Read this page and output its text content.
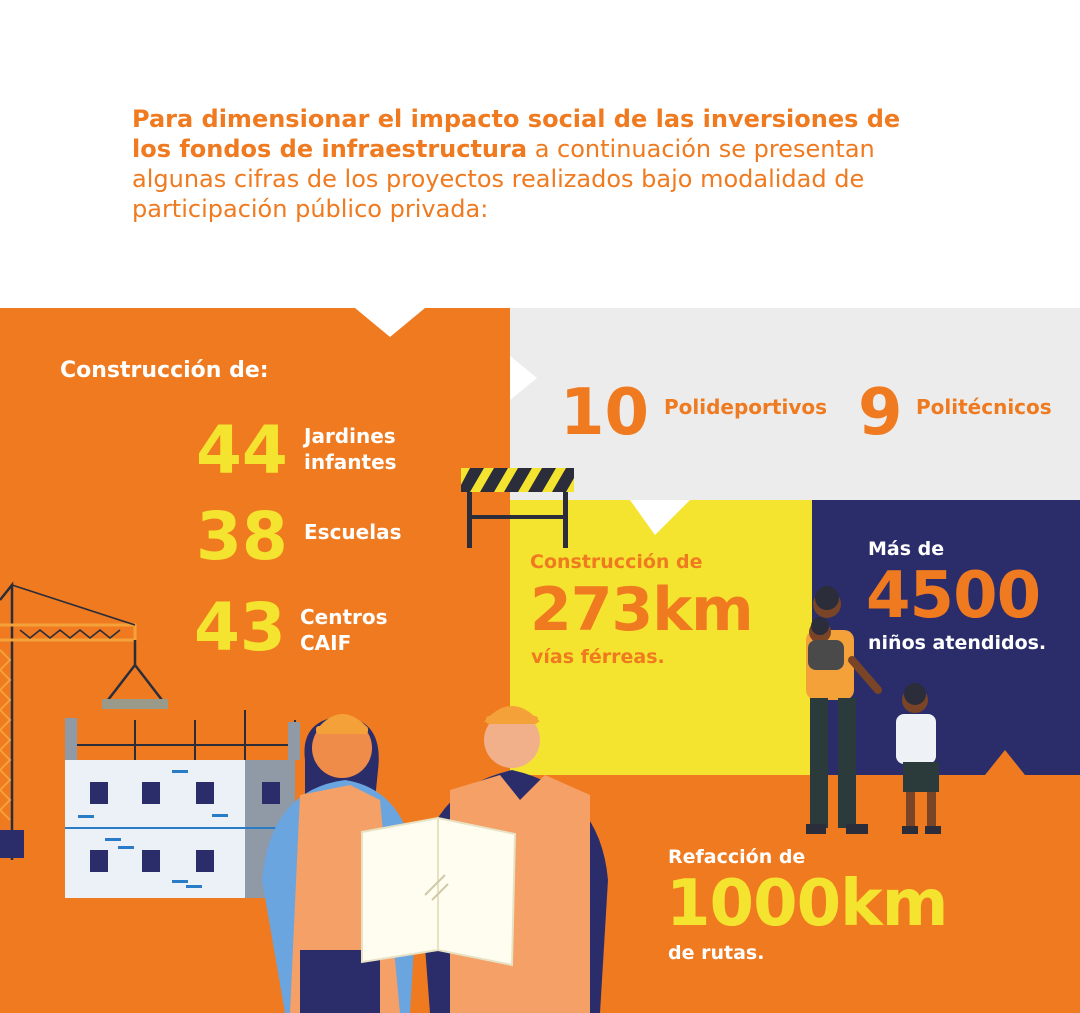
Para dimensionar el impacto social de las inversiones de los fondos de infraestructura a continuación se presentan algunas cifras de los proyectos realizados bajo modalidad de participación público privada:

Construcción de:
44 Jardines
infantes
38 Escuelas
43 Centros
CAIF
10 Polideportivos 9 Politécnicos
Construcción de
273km
vías férreas.
Más de
4500
niños atendidos.
Refacción de
1000km
de rutas.
